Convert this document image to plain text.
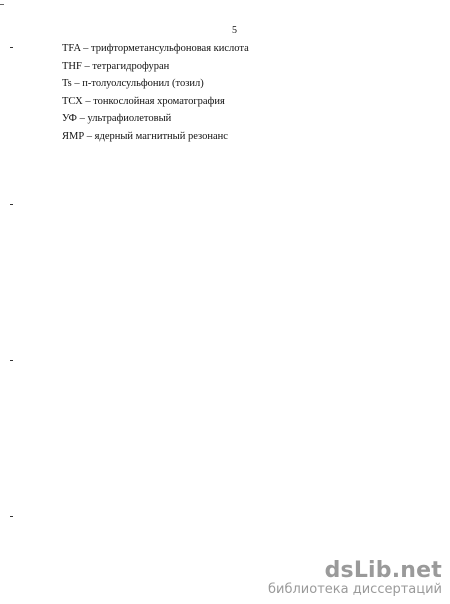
5
TFA – трифторметансульфоновая кислота
THF – тетрагидрофуран
Ts – п-толуолсульфонил (тозил)
ТСХ – тонкослойная хроматография
УФ – ультрафиолетовый
ЯМР – ядерный магнитный резонанс
dsLib.net
библиотека диссертаций
